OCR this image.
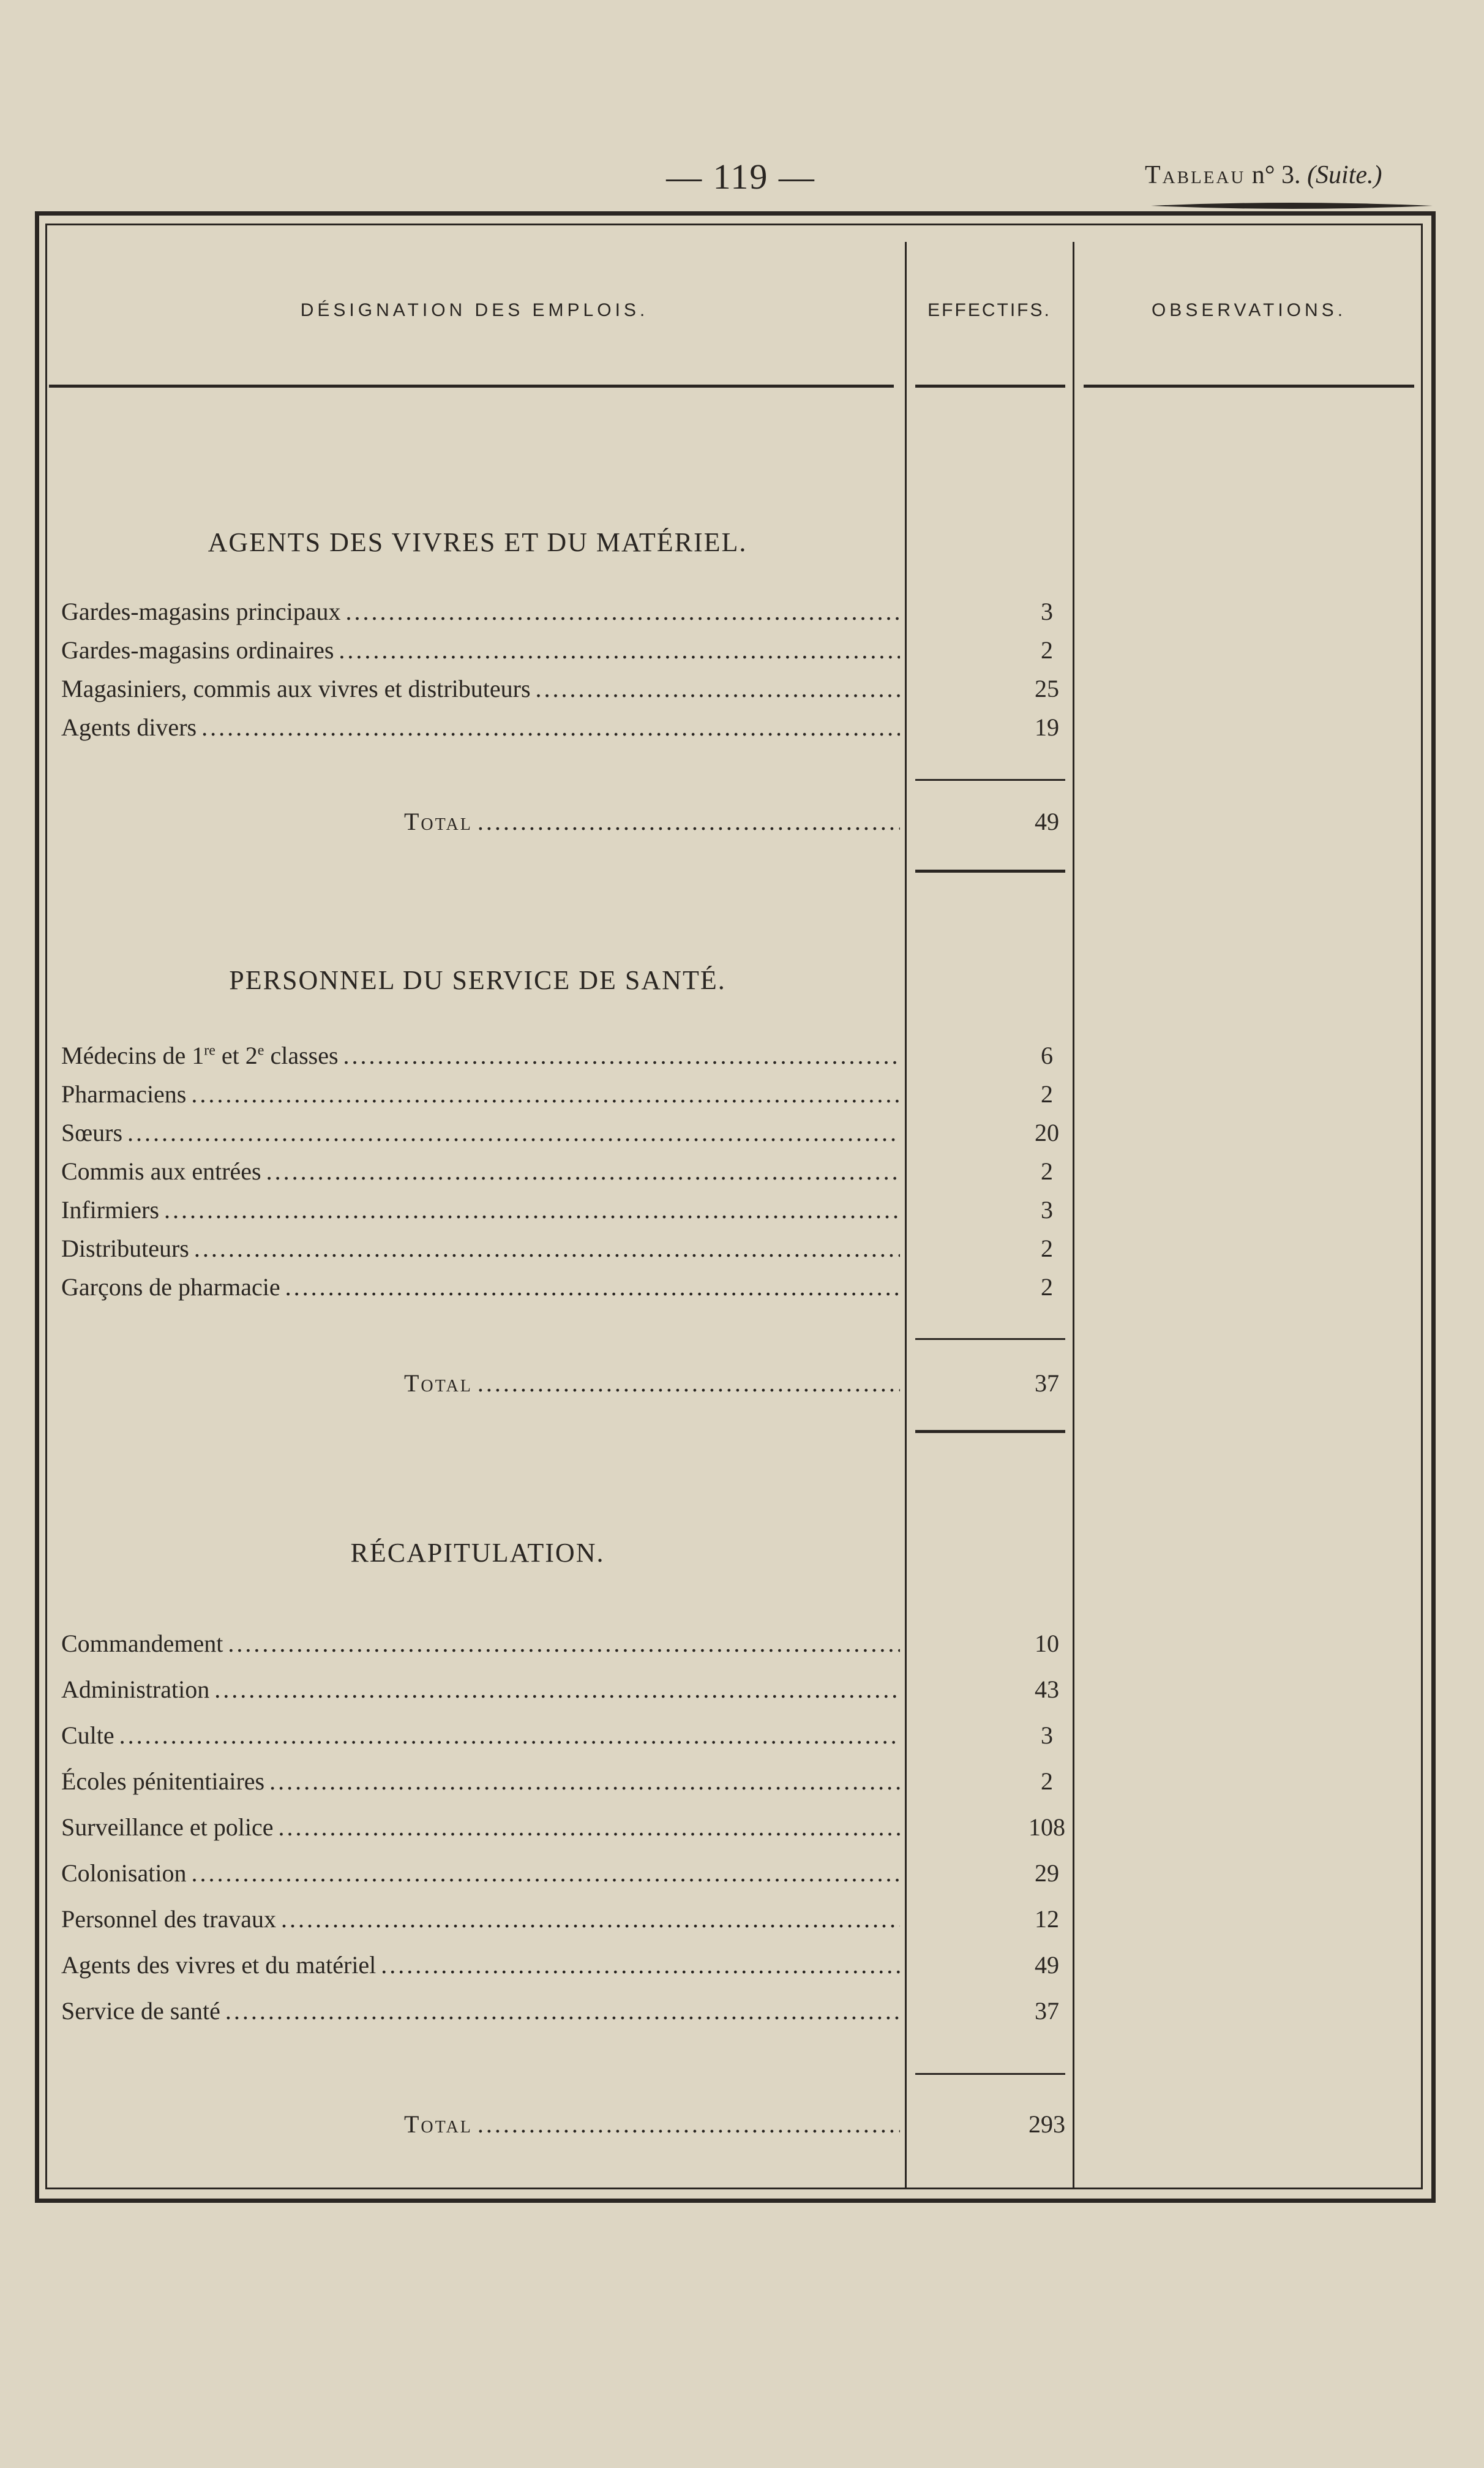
— 119 —	Tableau n° 3. (Suite.)
DÉSIGNATION DES EMPLOIS.	EFFECTIFS.	OBSERVATIONS.
AGENTS DES VIVRES ET DU MATÉRIEL.
Gardes-magasins principaux . . .	3
Gardes-magasins ordinaires . . .	2
Magasiniers, commis aux vivres et distributeurs . . .	25
Agents divers . . .	19
Total . . .	49
PERSONNEL DU SERVICE DE SANTÉ.
Médecins de 1re et 2e classes . . .	6
Pharmaciens . . .	2
Sœurs . . .	20
Commis aux entrées . . .	2
Infirmiers . . .	3
Distributeurs . . .	2
Garçons de pharmacie . . .	2
Total . . .	37
RÉCAPITULATION.
Commandement . . .	10
Administration . . .	43
Culte . . .	3
Écoles pénitentiaires . . .	2
Surveillance et police . . .	108
Colonisation . . .	29
Personnel des travaux . . .	12
Agents des vivres et du matériel . . .	49
Service de santé . . .	37
Total . . .	293
